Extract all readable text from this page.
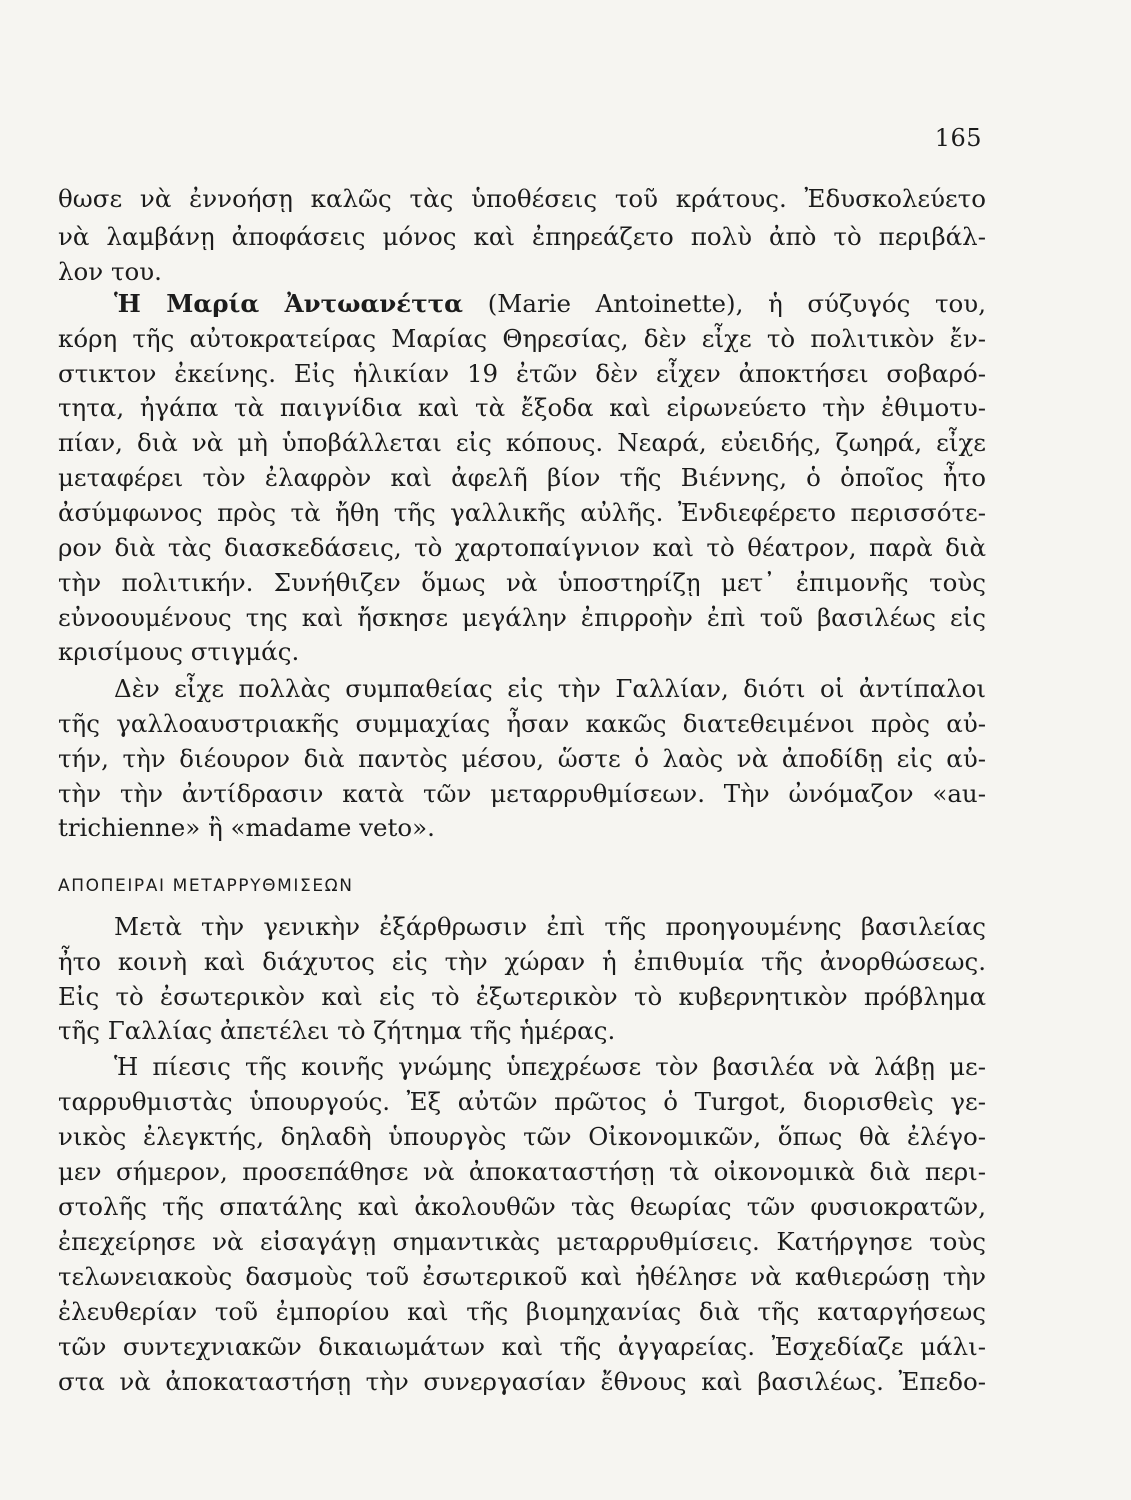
165
θωσε νὰ ἐννοήσῃ καλῶς τὰς ὑποθέσεις τοῦ κράτους. Ἐδυσκολεύετο
νὰ λαμβάνῃ ἀποφάσεις μόνος καὶ ἐπηρεάζετο πολὺ ἀπὸ τὸ περιβάλ-
λον του.
Ἡ Μαρία Ἀντωανέττα (Marie Antoinette), ἡ σύζυγός του,
κόρη τῆς αὐτοκρατείρας Μαρίας Θηρεσίας, δὲν εἶχε τὸ πολιτικὸν ἔν-
στικτον ἐκείνης. Εἰς ἡλικίαν 19 ἐτῶν δὲν εἶχεν ἀποκτήσει σοβαρό-
τητα, ἠγάπα τὰ παιγνίδια καὶ τὰ ἔξοδα καὶ εἰρωνεύετο τὴν ἐθιμοτυ-
πίαν, διὰ νὰ μὴ ὑποβάλλεται εἰς κόπους. Νεαρά, εὐειδής, ζωηρά, εἶχε
μεταφέρει τὸν ἐλαφρὸν καὶ ἀφελῆ βίον τῆς Βιέννης, ὁ ὁποῖος ἦτο
ἀσύμφωνος πρὸς τὰ ἤθη τῆς γαλλικῆς αὐλῆς. Ἐνδιεφέρετο περισσότε-
ρον διὰ τὰς διασκεδάσεις, τὸ χαρτοπαίγνιον καὶ τὸ θέατρον, παρὰ διὰ
τὴν πολιτικήν. Συνήθιζεν ὅμως νὰ ὑποστηρίζῃ μετ᾽ ἐπιμονῆς τοὺς
εὐνοουμένους της καὶ ἤσκησε μεγάλην ἐπιρροὴν ἐπὶ τοῦ βασιλέως εἰς
κρισίμους στιγμάς.
Δὲν εἶχε πολλὰς συμπαθείας εἰς τὴν Γαλλίαν, διότι οἱ ἀντίπαλοι
τῆς γαλλοαυστριακῆς συμμαχίας ἦσαν κακῶς διατεθειμένοι πρὸς αὐ-
τήν, τὴν διέουρον διὰ παντὸς μέσου, ὥστε ὁ λαὸς νὰ ἀποδίδῃ εἰς αὐ-
τὴν τὴν ἀντίδρασιν κατὰ τῶν μεταρρυθμίσεων. Τὴν ὠνόμαζον «au-
trichienne» ἢ «madame veto».
ΑΠΟΠΕΙΡΑΙ ΜΕΤΑΡΡΥΘΜΙΣΕΩΝ
Μετὰ τὴν γενικὴν ἐξάρθρωσιν ἐπὶ τῆς προηγουμένης βασιλείας
ἦτο κοινὴ καὶ διάχυτος εἰς τὴν χώραν ἡ ἐπιθυμία τῆς ἀνορθώσεως.
Εἰς τὸ ἐσωτερικὸν καὶ εἰς τὸ ἐξωτερικὸν τὸ κυβερνητικὸν πρόβλημα
τῆς Γαλλίας ἀπετέλει τὸ ζήτημα τῆς ἡμέρας.
Ἡ πίεσις τῆς κοινῆς γνώμης ὑπεχρέωσε τὸν βασιλέα νὰ λάβῃ με-
ταρρυθμιστὰς ὑπουργούς. Ἐξ αὐτῶν πρῶτος ὁ Turgot, διορισθεὶς γε-
νικὸς ἐλεγκτής, δηλαδὴ ὑπουργὸς τῶν Οἰκονομικῶν, ὅπως θὰ ἐλέγο-
μεν σήμερον, προσεπάθησε νὰ ἀποκαταστήσῃ τὰ οἰκονομικὰ διὰ περι-
στολῆς τῆς σπατάλης καὶ ἀκολουθῶν τὰς θεωρίας τῶν φυσιοκρατῶν,
ἐπεχείρησε νὰ εἰσαγάγῃ σημαντικὰς μεταρρυθμίσεις. Κατήργησε τοὺς
τελωνειακοὺς δασμοὺς τοῦ ἐσωτερικοῦ καὶ ἠθέλησε νὰ καθιερώσῃ τὴν
ἐλευθερίαν τοῦ ἐμπορίου καὶ τῆς βιομηχανίας διὰ τῆς καταργήσεως
τῶν συντεχνιακῶν δικαιωμάτων καὶ τῆς ἀγγαρείας. Ἐσχεδίαζε μάλι-
στα νὰ ἀποκαταστήσῃ τὴν συνεργασίαν ἔθνους καὶ βασιλέως. Ἐπεδο-
